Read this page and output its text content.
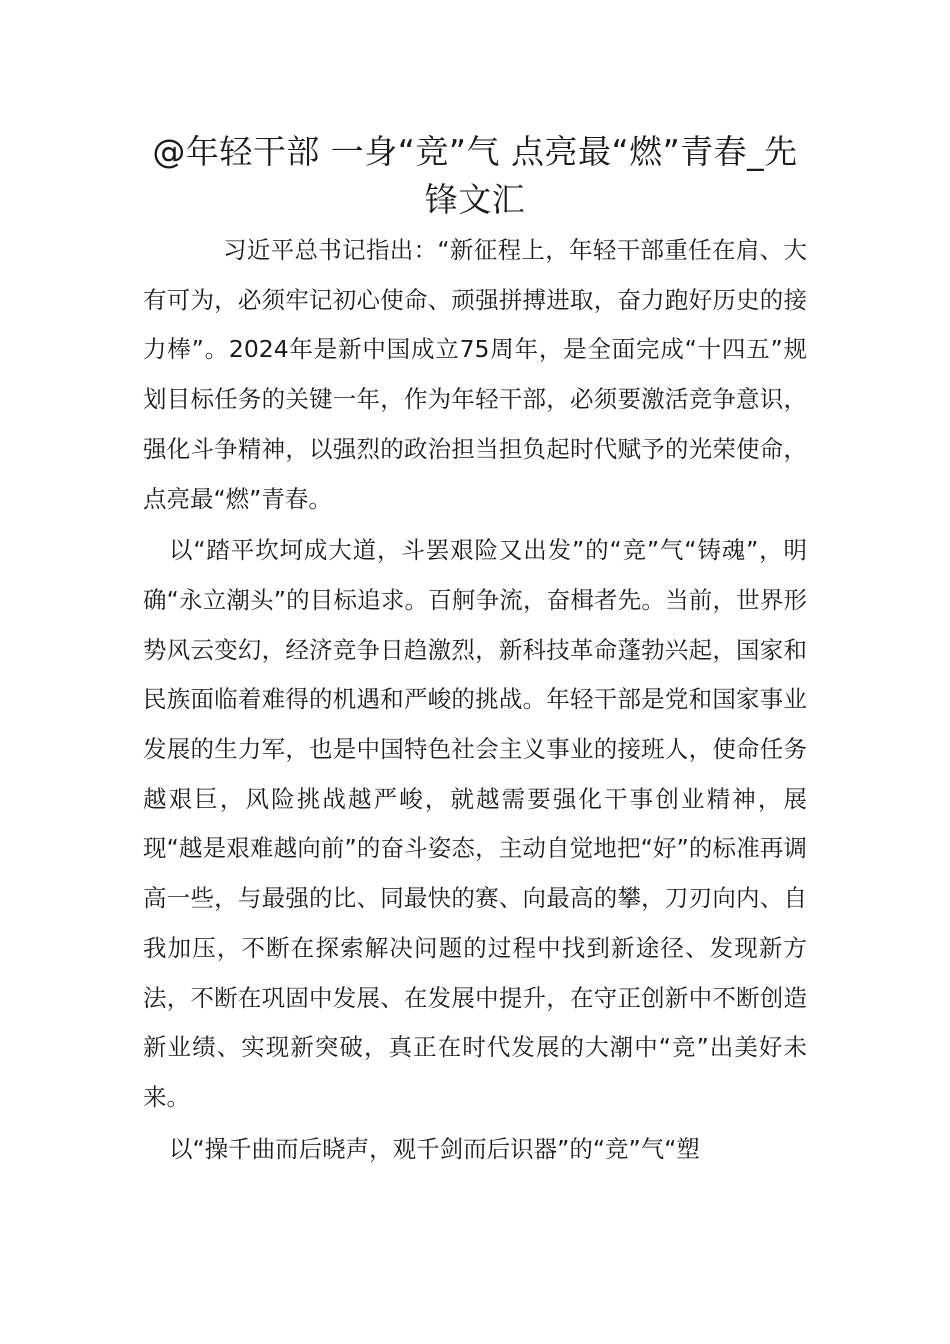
@年轻干部 一身“竞”气 点亮最“燃”青春_先锋文汇

习近平总书记指出：“新征程上，年轻干部重任在肩、大有可为，必须牢记初心使命、顽强拼搏进取，奋力跑好历史的接力棒”。2024年是新中国成立75周年，是全面完成“十四五”规划目标任务的关键一年，作为年轻干部，必须要激活竞争意识，强化斗争精神，以强烈的政治担当担负起时代赋予的光荣使命，点亮最“燃”青春。

以“踏平坎坷成大道，斗罢艰险又出发”的“竞”气“铸魂”，明确“永立潮头”的目标追求。百舸争流，奋楫者先。当前，世界形势风云变幻，经济竞争日趋激烈，新科技革命蓬勃兴起，国家和民族面临着难得的机遇和严峻的挑战。年轻干部是党和国家事业发展的生力军，也是中国特色社会主义事业的接班人，使命任务越艰巨，风险挑战越严峻，就越需要强化干事创业精神，展现“越是艰难越向前”的奋斗姿态，主动自觉地把“好”的标准再调高一些，与最强的比、同最快的赛、向最高的攀，刀刃向内、自我加压，不断在探索解决问题的过程中找到新途径、发现新方法，不断在巩固中发展、在发展中提升，在守正创新中不断创造新业绩、实现新突破，真正在时代发展的大潮中“竞”出美好未来。

以“操千曲而后晓声，观千剑而后识器”的“竞”气“塑
